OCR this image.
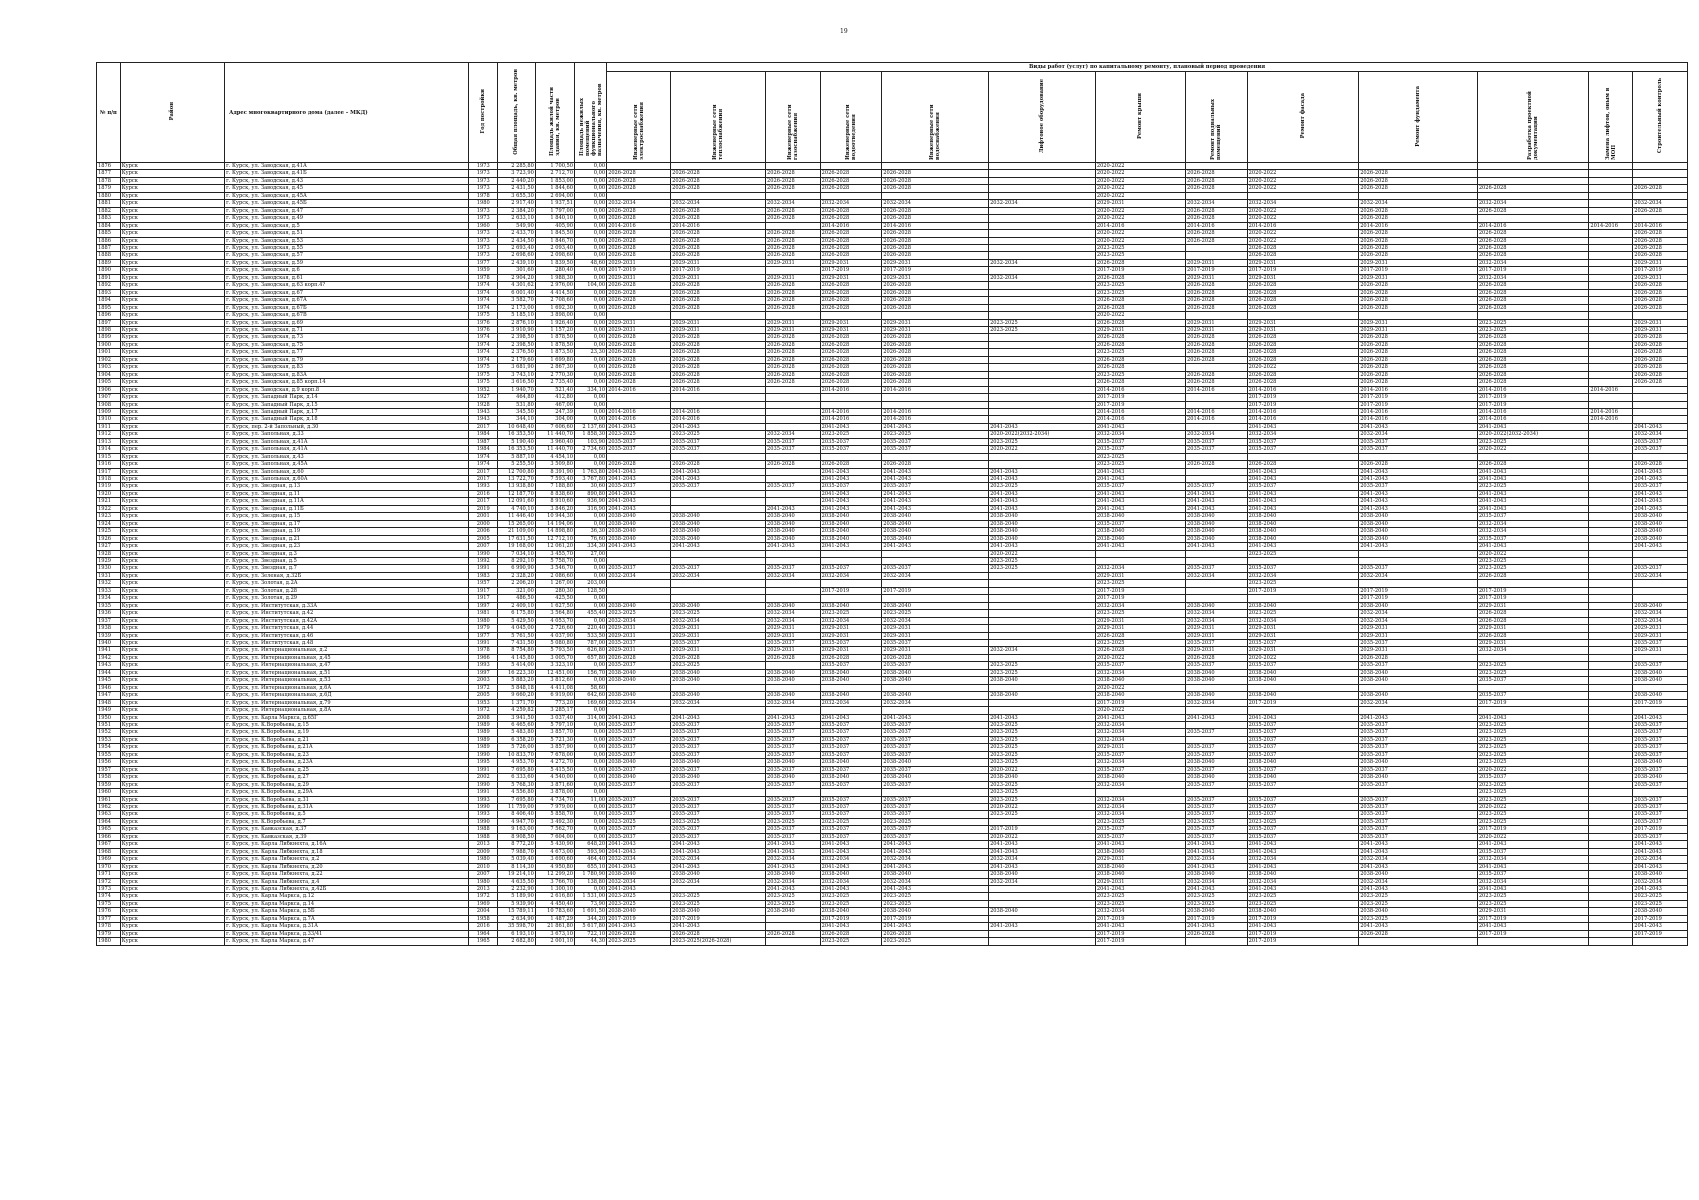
19
№ п/п	Район	Адрес многоквартирного дома (далее – МКД)	Год постройки	Общая площадь, кв. метров	Площадь жилой части здания, кв. метров	Площадь нежилых помещений функционального назначения, кв. метров	Виды работ (услуг) по капитальному ремонту, плановый период проведения												
							Инженерные сети электроснабжения	Инженерные сети теплоснабжения	Инженерные сети газоснабжения	Инженерные сети водоотведения	Инженерные сети водоснабжения	Лифтовое оборудование	Ремонт крыши	Ремонт подвальных помещений	Ремонт фасада	Ремонт фундамента	Разработка проектной документации	Замена лифтов, оным в МОП	Строительный контроль
1876	Курск	г. Курск, ул. Заводская, д.41А	1973	2 285,80	1 700,50	0,00							2020-2022						
1877	Курск	г. Курск, ул. Заводская, д.41Б	1973	3 723,90	2 712,70	0,00	2026-2028	2026-2028	2026-2028	2026-2028	2026-2028		2020-2022	2026-2028	2020-2022	2026-2028			
1878	Курск	г. Курск, ул. Заводская, д.43	1973	2 440,20	1 853,00	0,00	2026-2028	2026-2028	2026-2028	2026-2028	2026-2028		2020-2022	2026-2028	2020-2022	2026-2028			
1879	Курск	г. Курск, ул. Заводская, д.45	1973	2 431,50	1 844,60	0,00	2026-2028	2026-2028	2026-2028	2026-2028	2026-2028		2020-2022	2026-2028	2020-2022	2026-2028	2026-2028		2026-2028
1880	Курск	г. Курск, ул. Заводская, д.45А	1978	3 655,30	2 694,00	0,00							2020-2022						
1881	Курск	г. Курск, ул. Заводская, д.45Б	1980	2 917,40	1 937,51	0,00	2032-2034	2032-2034	2032-2034	2032-2034	2032-2034	2032-2034	2029-2031	2032-2034	2032-2034	2032-2034	2032-2034		2032-2034
1882	Курск	г. Курск, ул. Заводская, д.47	1973	2 384,20	1 797,00	0,00	2026-2028	2026-2028	2026-2028	2026-2028	2026-2028		2020-2022	2026-2028	2020-2022	2026-2028	2026-2028		2026-2028
1883	Курск	г. Курск, ул. Заводская, д.49	1973	2 633,10	1 840,10	0,00	2026-2028	2026-2028	2026-2028	2026-2028	2026-2028		2020-2022	2026-2028	2020-2022	2026-2028			
1884	Курск	г. Курск, ул. Заводская, д.5	1960	549,90	405,90	0,00	2014-2016	2014-2016		2014-2016	2014-2016		2014-2016	2014-2016	2014-2016	2014-2016	2014-2016	2014-2016	2014-2016
1885	Курск	г. Курск, ул. Заводская, д.51	1973	2 433,70	1 845,50	0,00	2026-2028	2026-2028	2026-2028	2026-2028	2026-2028		2020-2022	2026-2028	2020-2022	2026-2028	2026-2028		2026-2028
1886	Курск	г. Курск, ул. Заводская, д.53	1973	2 434,50	1 846,70	0,00	2026-2028	2026-2028	2026-2028	2026-2028	2026-2028		2020-2022	2026-2028	2020-2022	2026-2028	2026-2028		2026-2028
1887	Курск	г. Курск, ул. Заводская, д.55	1973	2 693,40	2 093,40	0,00	2026-2028	2026-2028	2026-2028	2026-2028	2026-2028		2023-2025		2026-2028	2026-2028	2026-2028		2026-2028
1888	Курск	г. Курск, ул. Заводская, д.57	1973	2 698,60	2 098,60	0,00	2026-2028	2026-2028	2026-2028	2026-2028	2026-2028		2023-2025		2026-2028	2026-2028	2026-2028		2026-2028
1889	Курск	г. Курск, ул. Заводская, д.59	1977	2 439,10	1 839,50	48,60	2029-2031	2029-2031	2029-2031	2029-2031	2029-2031	2032-2034	2026-2028	2029-2031	2029-2031	2029-2031	2032-2034		2029-2031
1890	Курск	г. Курск, ул. Заводская, д.6	1959	301,60	280,40	0,00	2017-2019	2017-2019		2017-2019	2017-2019		2017-2019	2017-2019	2017-2019	2017-2019	2017-2019		2017-2019
1891	Курск	г. Курск, ул. Заводская, д.61	1978	2 904,20	1 988,30	0,00	2029-2031	2029-2031	2029-2031	2029-2031	2029-2031	2032-2034	2026-2028	2029-2031	2029-2031	2029-2031	2032-2034		2029-2031
1892	Курск	г. Курск, ул. Заводская, д.63 корп.4?	1974	4 301,62	2 976,00	104,00	2026-2028	2026-2028	2026-2028	2026-2028	2026-2028		2023-2025	2026-2028	2026-2028	2026-2028	2026-2028		2026-2028
1893	Курск	г. Курск, ул. Заводская, д.67	1974	6 001,40	4 414,50	0,00	2026-2028	2026-2028	2026-2028	2026-2028	2026-2028		2023-2025	2026-2028	2026-2028	2026-2028	2026-2028		2026-2028
1894	Курск	г. Курск, ул. Заводская, д.67А	1974	3 582,70	2 708,60	0,00	2026-2028	2026-2028	2026-2028	2026-2028	2026-2028		2026-2028	2026-2028	2026-2028	2026-2028	2026-2028		2026-2028
1895	Курск	г. Курск, ул. Заводская, д.67Б	1974	2 173,00	1 692,30	0,00	2026-2028	2026-2028	2026-2028	2026-2028	2026-2028		2026-2028	2026-2028	2026-2028	2026-2028	2026-2028		2026-2028
1896	Курск	г. Курск, ул. Заводская, д.67В	1975	5 185,10	3 898,00	0,00							2020-2022						
1897	Курск	г. Курск, ул. Заводская, д.69	1976	2 876,10	1 926,40	0,00	2029-2031	2029-2031	2029-2031	2029-2031	2029-2031	2023-2025	2026-2028	2029-2031	2029-2031	2029-2031	2023-2025		2029-2031
1898	Курск	г. Курск, ул. Заводская, д.71	1976	3 910,90	1 157,20	0,00	2029-2031	2029-2031	2029-2031	2029-2031	2029-2031	2023-2025	2029-2031	2029-2031	2029-2031	2029-2031	2023-2025		2029-2031
1899	Курск	г. Курск, ул. Заводская, д.73	1974	2 398,50	1 878,50	0,00	2026-2028	2026-2028	2026-2028	2026-2028	2026-2028		2026-2028	2026-2028	2026-2028	2026-2028	2026-2028		2026-2028
1900	Курск	г. Курск, ул. Заводская, д.75	1974	2 398,50	1 878,50	0,00	2026-2028	2026-2028	2026-2028	2026-2028	2026-2028		2026-2028	2026-2028	2026-2028	2026-2028	2026-2028		2026-2028
1901	Курск	г. Курск, ул. Заводская, д.77	1974	2 376,50	1 873,50	23,30	2026-2028	2026-2028	2026-2028	2026-2028	2026-2028		2023-2025	2026-2028	2026-2028	2026-2028	2026-2028		2026-2028
1902	Курск	г. Курск, ул. Заводская, д.79	1974	2 179,60	1 699,80	0,00	2026-2028	2026-2028	2026-2028	2026-2028	2026-2028		2026-2028	2026-2028	2026-2028	2026-2028	2026-2028		2026-2028
1903	Курск	г. Курск, ул. Заводская, д.83	1975	3 681,90	2 867,30	0,00	2026-2028	2026-2028	2026-2028	2026-2028	2026-2028		2026-2028		2020-2022	2026-2028	2026-2028		2026-2028
1904	Курск	г. Курск, ул. Заводская, д.83А	1975	3 743,10	2 770,30	0,00	2026-2028	2026-2028	2026-2028	2026-2028	2026-2028		2023-2025	2026-2028	2026-2028	2026-2028	2026-2028		2026-2028
1905	Курск	г. Курск, ул. Заводская, д.85 корп.14	1975	3 616,50	2 735,40	0,00	2026-2028	2026-2028	2026-2028	2026-2028	2026-2028		2026-2028	2026-2028	2026-2028	2026-2028	2026-2028		2026-2028
1906	Курск	г. Курск, ул. Заводская, д.9 корп.8	1952	1 940,70	521,40	334,10	2014-2016	2014-2016		2014-2016	2014-2016		2014-2016	2014-2016	2014-2016	2014-2016	2014-2016	2014-2016	
1907	Курск	г. Курск, ул. Западный Парк, д.14	1927	464,80	412,80	0,00							2017-2019		2017-2019	2017-2019	2017-2019		
1908	Курск	г. Курск, ул. Западный Парк, д.15	1928	531,80	467,00	0,00							2017-2019		2017-2019	2017-2019	2017-2019		
1909	Курск	г. Курск, ул. Западный Парк, д.17	1943	345,50	247,39	0,00	2014-2016	2014-2016		2014-2016	2014-2016		2014-2016	2014-2016	2014-2016	2014-2016	2014-2016	2014-2016	
1910	Курск	г. Курск, ул. Западный Парк, д.18	1943	344,10	304,00	0,00	2014-2016	2014-2016		2014-2016	2014-2016		2014-2016	2014-2016	2014-2016	2014-2016	2014-2016	2014-2016	
1911	Курск	г. Курск, пер. 2-й Запольный, д.30	2017	10 648,40	7 606,60	2 137,60	2041-2043	2041-2043		2041-2043	2041-2043	2041-2043	2041-2043		2041-2043	2041-2043	2041-2043		2041-2043
1912	Курск	г. Курск, ул. Запольная, д.33	1984	16 353,50	11 440,70	1 858,30	2023-2025	2023-2025	2032-2034	2023-2025	2023-2025	2020-2022(2032-2034)	2032-2034	2032-2034	2032-2034	2032-2034	2020-2022(2032-2034)		2032-2034
1913	Курск	г. Курск, ул. Запольная, д.41А	1987	5 190,40	3 960,40	103,90	2035-2037	2035-2037	2035-2037	2035-2037	2035-2037	2023-2025	2035-2037	2035-2037	2035-2037	2035-2037	2023-2025		2035-2037
1914	Курск	г. Курск, ул. Запольная, д.41А	1984	16 353,50	11 440,70	2 734,60	2035-2037	2035-2037	2035-2037	2035-2037	2035-2037	2020-2022	2035-2037	2035-2037	2035-2037	2035-2037	2020-2022		2035-2037
1915	Курск	г. Курск, ул. Запольная, д.43	1974	5 887,10	4 454,10	0,00							2023-2025						
1916	Курск	г. Курск, ул. Запольная, д.45А	1974	5 255,50	3 509,80	0,00	2026-2028	2026-2028	2026-2028	2026-2028	2026-2028		2023-2025	2026-2028	2026-2028	2026-2028	2026-2028		2026-2028
1917	Курск	г. Курск, ул. Запольная, д.60	2017	12 700,80	8 391,90	1 763,80	2041-2043	2041-2043		2041-2043	2041-2043	2041-2043	2041-2043		2041-2043	2041-2043	2041-2043		2041-2043
1918	Курск	г. Курск, ул. Запольная, д.60А	2017	13 722,70	7 593,40	3 767,80	2041-2043	2041-2043		2041-2043	2041-2043	2041-2043	2041-2043		2041-2043	2041-2043	2041-2043		2041-2043
1919	Курск	г. Курск, ул. Звездная, д.13	1993	13 938,80	7 188,80	30,60	2035-2037	2035-2037	2035-2037	2035-2037	2035-2037	2023-2025	2035-2037	2035-2037	2035-2037	2035-2037	2023-2025		2035-2037
1920	Курск	г. Курск, ул. Звездная, д.11	2016	12 187,70	8 838,60	890,80	2041-2043			2041-2043	2041-2043	2041-2043	2041-2043	2041-2043	2041-2043	2041-2043	2041-2043		2041-2043
1921	Курск	г. Курск, ул. Звездная, д.11А	2017	12 091,60	8 910,60	936,90	2041-2043			2041-2043	2041-2043	2041-2043	2041-2043	2041-2043	2041-2043	2041-2043	2041-2043		2041-2043
1922	Курск	г. Курск, ул. Звездная, д.11Б	2019	4 740,10	3 846,20	316,90	2041-2043		2041-2043	2041-2043	2041-2043	2041-2043	2041-2043	2041-2043	2041-2043	2041-2043	2041-2043		2041-2043
1923	Курск	г. Курск, ул. Звездная, д.15	2001	11 446,40	10 944,30	0,00	2038-2040	2038-2040	2038-2040	2038-2040	2038-2040	2038-2040	2038-2040	2038-2040	2038-2040	2038-2040	2035-2037		2038-2040
1924	Курск	г. Курск, ул. Звездная, д.17	2000	15 265,00	14 194,06	0,00	2038-2040	2038-2040	2038-2040	2038-2040	2038-2040	2038-2040	2035-2037	2038-2040	2038-2040	2038-2040	2032-2034		2038-2040
1925	Курск	г. Курск, ул. Звездная, д.19	2006	21 109,00	14 898,80	36,30	2038-2040	2038-2040	2038-2040	2038-2040	2038-2040	2038-2040	2038-2040	2038-2040	2038-2040	2038-2040	2032-2034		2038-2040
1926	Курск	г. Курск, ул. Звездная, д.21	2005	17 631,50	12 712,10	76,60	2038-2040	2038-2040	2038-2040	2038-2040	2038-2040	2038-2040	2038-2040	2038-2040	2038-2040	2038-2040	2035-2037		2038-2040
1927	Курск	г. Курск, ул. Звездная, д.23	2007	19 168,00	12 061,20	334,30	2041-2043	2041-2043	2041-2043	2041-2043	2041-2043	2041-2043	2041-2043	2041-2043	2041-2043	2041-2043	2041-2043		2041-2043
1928	Курск	г. Курск, ул. Звездная, д.3	1990	7 034,10	3 455,70	27,00						2020-2022			2023-2025		2020-2022		
1929	Курск	г. Курск, ул. Звездная, д.5	1992	8 292,10	5 758,70	0,00						2023-2025					2023-2025		
1930	Курск	г. Курск, ул. Звездная, д.7	1991	6 990,90	3 546,70	0,00	2035-2037	2035-2037	2035-2037	2035-2037	2035-2037	2023-2025	2032-2034	2035-2037	2035-2037	2035-2037	2023-2025		2035-2037
1931	Курск	г. Курск, ул. Зеленая, д.32Б	1983	2 328,20	2 086,60	0,00	2032-2034	2032-2034	2032-2034	2032-2034	2032-2034		2029-2031	2032-2034	2032-2034	2032-2034	2026-2028		2032-2034
1932	Курск	г. Курск, ул. Золотая, д.2А	1957	2 206,20	1 267,00	203,00							2023-2025		2023-2025				
1933	Курск	г. Курск, ул. Золотая, д.28	1917	321,00	280,30	128,50				2017-2019	2017-2019		2017-2019		2017-2019	2017-2019	2017-2019		
1934	Курск	г. Курск, ул. Золотая, д.29	1917	486,50	425,50	0,00							2017-2019			2017-2019	2017-2019		
1935	Курск	г. Курск, ул. Институтская, д.33А	1997	2 409,10	1 627,50	0,00	2038-2040	2038-2040	2038-2040	2038-2040	2038-2040		2032-2034	2038-2040	2038-2040	2038-2040	2029-2031		2038-2040
1936	Курск	г. Курск, ул. Институтская, д.42	1981	6 175,80	3 564,80	455,40	2023-2025	2023-2025	2032-2034	2023-2025	2023-2025		2023-2025	2032-2034	2023-2025	2032-2034	2026-2028		2032-2034
1937	Курск	г. Курск, ул. Институтская, д.42А	1980	5 429,50	4 053,70	0,00	2032-2034	2032-2034	2032-2034	2032-2034	2032-2034		2029-2031	2032-2034	2032-2034	2032-2034	2026-2028		2032-2034
1938	Курск	г. Курск, ул. Институтская, д.44	1979	4 045,00	2 726,60	220,40	2029-2031	2029-2031	2029-2031	2029-2031	2029-2031		2029-2031	2029-2031	2029-2031	2029-2031	2029-2031		2029-2031
1939	Курск	г. Курск, ул. Институтская, д.46	1977	5 761,50	4 037,90	533,50	2029-2031	2029-2031	2029-2031	2029-2031	2029-2031		2026-2028	2029-2031	2029-2031	2029-2031	2026-2028		2029-2031
1940	Курск	г. Курск, ул. Институтская, д.48	1991	7 431,50	5 080,80	787,00	2035-2037	2035-2037	2035-2037	2035-2037	2035-2037		2023-2025	2035-2037	2035-2037	2035-2037	2029-2031		2035-2037
1941	Курск	г. Курск, ул. Интернациональная, д.2	1978	8 754,80	5 793,50	626,80	2029-2031	2029-2031	2029-2031	2029-2031	2029-2031	2032-2034	2026-2028	2029-2031	2029-2031	2029-2031	2032-2034		2029-2031
1942	Курск	г. Курск, ул. Интернациональная, д.45	1966	4 145,80	3 005,70	657,80	2026-2028	2026-2028	2026-2028	2026-2028	2026-2028		2020-2022	2026-2028	2020-2022	2026-2028			
1943	Курск	г. Курск, ул. Интернациональная, д.47	1993	5 414,00	3 323,10	0,00	2035-2037	2023-2025		2035-2037	2035-2037	2023-2025	2035-2037	2035-2037	2035-2037	2035-2037	2023-2025		2035-2037
1944	Курск	г. Курск, ул. Интернациональная, д.51	1997	16 223,30	12 451,00	156,70	2038-2040	2038-2040	2038-2040	2038-2040	2038-2040	2023-2025	2032-2034	2038-2040	2038-2040	2038-2040	2023-2025		2038-2040
1945	Курск	г. Курск, ул. Интернациональная, д.53	2003	5 883,20	3 812,60	0,00	2038-2040	2038-2040	2038-2040	2038-2040	2038-2040	2038-2040	2038-2040	2038-2040	2038-2040	2038-2040	2035-2037		2038-2040
1946	Курск	г. Курск, ул. Интернациональная, д.6А	1972	5 848,18	4 411,08	58,60							2020-2022						
1947	Курск	г. Курск, ул. Интернациональная, д.6Д	2005	9 660,20	6 919,00	642,60	2038-2040	2038-2040	2038-2040	2038-2040	2038-2040	2038-2040	2038-2040	2038-2040	2038-2040	2038-2040	2035-2037		2038-2040
1948	Курск	г. Курск, ул. Интернациональная, д.79	1953	1 371,70	773,20	169,60	2032-2034	2032-2034	2032-2034	2032-2034	2032-2034		2017-2019	2032-2034	2017-2019	2032-2034	2017-2019		2017-2019
1949	Курск	г. Курск, ул. Интернациональная, д.8А	1972	4 259,82	3 285,17	0,00							2020-2022						
1950	Курск	г. Курск, ул. Карла Маркса, д.65Г	2008	3 941,50	3 037,40	314,00	2041-2043	2041-2043	2041-2043	2041-2043	2041-2043	2041-2043	2041-2043	2041-2043	2041-2043	2041-2043	2041-2043		2041-2043
1951	Курск	г. Курск, ул. К.Воробьева, д.15	1989	6 465,60	5 797,10	0,00	2035-2037	2035-2037	2035-2037	2035-2037	2035-2037	2023-2025	2032-2034		2035-2037	2035-2037	2023-2025		2035-2037
1952	Курск	г. Курск, ул. К.Воробьева, д.19	1989	5 483,80	3 857,70	0,00	2035-2037	2035-2037	2035-2037	2035-2037	2035-2037	2023-2025	2032-2034	2035-2037	2035-2037	2035-2037	2023-2025		2035-2037
1953	Курск	г. Курск, ул. К.Воробьева, д.21	1989	6 358,20	5 721,30	0,00	2035-2037	2035-2037	2035-2037	2035-2037	2035-2037	2023-2025	2032-2034		2035-2037	2035-2037	2023-2025		2035-2037
1954	Курск	г. Курск, ул. К.Воробьева, д.21А	1989	5 726,00	3 857,90	0,00	2035-2037	2035-2037	2035-2037	2035-2037	2035-2037	2023-2025	2029-2031	2035-2037	2035-2037	2035-2037	2023-2025		2035-2037
1955	Курск	г. Курск, ул. К.Воробьева, д.23	1990	10 833,70	7 678,00	0,00	2035-2037	2035-2037	2035-2037	2035-2037	2035-2037	2023-2025	2035-2037	2035-2037	2035-2037	2035-2037	2023-2025		2035-2037
1956	Курск	г. Курск, ул. К.Воробьева, д.23А	1995	4 953,70	4 272,70	0,00	2038-2040	2038-2040	2038-2040	2038-2040	2038-2040	2023-2025	2032-2034	2038-2040	2038-2040	2038-2040	2023-2025		2038-2040
1957	Курск	г. Курск, ул. К.Воробьева, д.25	1991	7 695,80	5 415,50	0,00	2035-2037	2035-2037	2035-2037	2035-2037	2035-2037	2020-2022	2035-2037	2035-2037	2035-2037	2035-2037	2020-2022		2035-2037
1958	Курск	г. Курск, ул. К.Воробьева, д.27	2002	6 333,60	4 540,00	0,00	2038-2040	2038-2040	2038-2040	2038-2040	2038-2040	2038-2040	2038-2040	2038-2040	2038-2040	2038-2040	2035-2037		2038-2040
1959	Курск	г. Курск, ул. К.Воробьева, д.29	1990	5 768,30	3 871,60	0,00	2035-2037	2035-2037	2035-2037	2035-2037	2035-2037	2023-2025	2032-2034	2035-2037	2035-2037	2035-2037	2023-2025		2035-2037
1960	Курск	г. Курск, ул. К.Воробьева, д.29А	1991	4 556,80	3 878,00	0,00						2023-2025					2023-2025		
1961	Курск	г. Курск, ул. К.Воробьева, д.31	1993	7 695,80	4 734,70	11,00	2035-2037	2035-2037	2035-2037	2035-2037	2035-2037	2023-2025	2032-2034	2035-2037	2035-2037	2035-2037	2023-2025		2035-2037
1962	Курск	г. Курск, ул. К.Воробьева, д.31А	1990	11 759,00	7 979,00	0,00	2035-2037	2035-2037	2035-2037	2035-2037	2035-2037	2020-2022	2032-2034	2035-2037	2035-2037	2035-2037	2020-2022		2035-2037
1963	Курск	г. Курск, ул. К.Воробьева, д.5	1993	8 406,40	5 858,70	0,00	2035-2037	2035-2037	2035-2037	2035-2037	2035-2037	2023-2025	2032-2034	2035-2037	2035-2037	2035-2037	2023-2025		2035-2037
1964	Курск	г. Курск, ул. К.Воробьева, д.7	1990	4 947,70	3 492,30	0,00	2023-2025	2023-2025	2023-2025	2023-2025	2023-2025		2023-2025	2023-2025	2023-2025	2035-2037	2023-2025		2035-2037
1965	Курск	г. Курск, ул. Кавказская, д.37	1988	9 163,00	7 562,70	0,00	2035-2037	2035-2037	2035-2037	2035-2037	2035-2037	2017-2019	2035-2037	2035-2037	2035-2037	2035-2037	2017-2019		2017-2019
1966	Курск	г. Курск, ул. Кавказская, д.39	1988	8 908,50	7 604,00	0,00	2035-2037	2035-2037	2035-2037	2035-2037	2035-2037	2020-2022	2035-2037	2035-2037	2035-2037	2035-2037	2020-2022		2035-2037
1967	Курск	г. Курск, ул. Карла Либкнехта, д.16А	2013	8 772,20	5 430,90	648,20	2041-2043	2041-2043	2041-2043	2041-2043	2041-2043	2041-2043	2041-2043	2041-2043	2041-2043	2041-2043	2041-2043		2041-2043
1968	Курск	г. Курск, ул. Карла Либкнехта, д.18	2009	7 988,70	4 673,00	593,90	2041-2043	2041-2043	2041-2043	2041-2043	2041-2043	2041-2043	2038-2040	2041-2043	2041-2043	2041-2043	2035-2037		2041-2043
1969	Курск	г. Курск, ул. Карла Либкнехта, д.2	1980	5 039,40	3 690,60	464,40	2032-2034	2032-2034	2032-2034	2032-2034	2032-2034	2032-2034	2029-2031	2032-2034	2032-2034	2032-2034	2032-2034		2032-2034
1970	Курск	г. Курск, ул. Карла Либкнехта, д.20	2010	8 114,30	4 950,80	655,10	2041-2043	2041-2043	2041-2043	2041-2043	2041-2043	2041-2043	2038-2040	2041-2043	2041-2043	2041-2043	2041-2043		2041-2043
1971	Курск	г. Курск, ул. Карла Либкнехта, д.22	2007	19 214,10	12 299,20	1 780,90	2038-2040	2038-2040	2038-2040	2038-2040	2038-2040	2038-2040	2038-2040	2038-2040	2038-2040	2038-2040	2035-2037		2038-2040
1972	Курск	г. Курск, ул. Карла Либкнехта, д.4	1980	4 635,50	3 766,70	138,80	2032-2034	2032-2034	2032-2034	2032-2034	2032-2034	2032-2034	2029-2031	2032-2034	2032-2034	2032-2034	2032-2034		2032-2034
1973	Курск	г. Курск, ул. Карла Либкнехта, д.42Б	2013	2 232,90	1 300,10	0,00	2041-2043		2041-2043	2041-2043	2041-2043		2041-2043	2041-2043	2041-2043	2041-2043	2041-2043		2041-2043
1974	Курск	г. Курск, ул. Карла Маркса, д.12	1972	5 189,90	2 616,80	1 531,00	2023-2025	2023-2025	2023-2025	2023-2025	2023-2025		2023-2025	2023-2025	2023-2025	2023-2025	2023-2025		2023-2025
1975	Курск	г. Курск, ул. Карла Маркса, д.14	1969	5 939,90	4 450,40	73,90	2023-2025	2023-2025	2023-2025	2023-2025	2023-2025		2023-2025	2023-2025	2023-2025	2023-2025	2023-2025		2023-2025
1976	Курск	г. Курск, ул. Карла Маркса, д.5Б	2004	15 789,11	10 783,60	1 691,50	2038-2040	2038-2040	2038-2040	2038-2040	2038-2040	2038-2040	2032-2034	2038-2040	2038-2040	2038-2040	2029-2031		2038-2040
1977	Курск	г. Курск, ул. Карла Маркса, д.7А	1958	2 634,90	1 487,29	344,20	2017-2019	2017-2019		2017-2019	2017-2019		2017-2019	2017-2019	2017-2019	2023-2025	2017-2019		2017-2019
1978	Курск	г. Курск, ул. Карла Маркса, д.31А	2016	35 598,70	21 861,80	5 617,80	2041-2043	2041-2043		2041-2043	2041-2043	2041-2043	2041-2043	2041-2043	2041-2043	2041-2043	2041-2043		2041-2043
1979	Курск	г. Курск, ул. Карла Маркса, д.33/41	1964	6 193,10	3 673,10	722,10	2026-2028	2026-2028	2026-2028	2026-2028	2026-2028		2017-2019	2026-2028	2017-2019	2026-2028	2017-2019		2017-2019
1980	Курск	г. Курск, ул. Карла Маркса, д.47	1965	2 682,80	2 001,10	44,30	2023-2025	2023-2025(2026-2028)		2023-2025	2023-2025		2017-2019		2017-2019				
